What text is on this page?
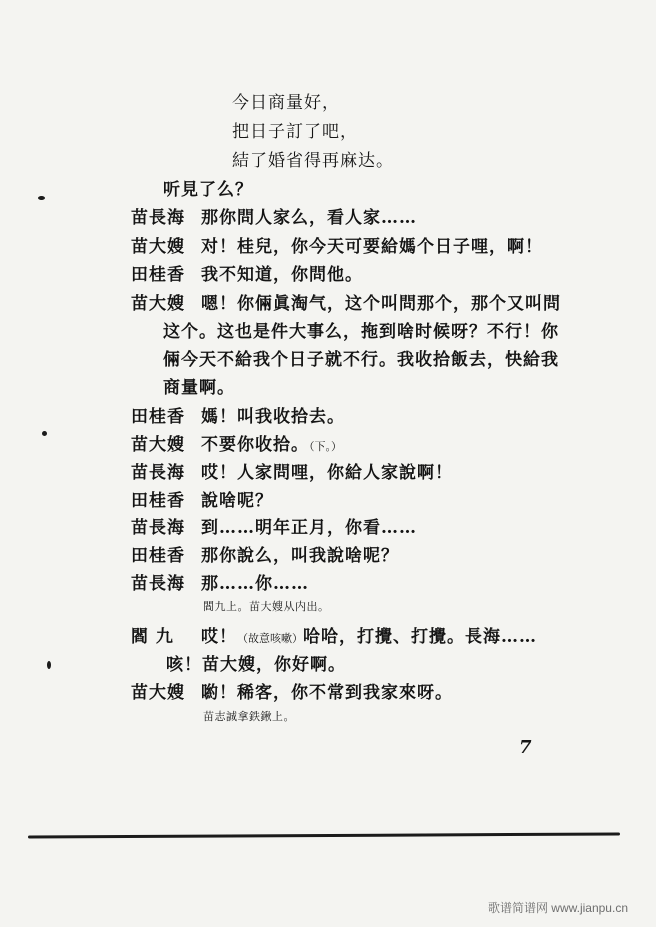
今日商量好，
把日子訂了吧，
結了婚省得再麻达。
听見了么？
苗長海 那你問人家么，看人家……
苗大嫂 对！桂兒，你今天可要給媽个日子哩，啊！
田桂香 我不知道，你問他。
苗大嫂 嗯！你倆眞淘气，这个叫問那个，那个又叫問
这个。这也是件大事么，拖到啥时候呀？不行！你
倆今天不給我个日子就不行。我收拾飯去，快給我
商量啊。
田桂香 媽！叫我收拾去。
苗大嫂 不要你收拾。（下。）
苗長海 哎！人家問哩，你給人家說啊！
田桂香 說啥呢？
苗長海 到……明年正月，你看……
田桂香 那你說么，叫我說啥呢？
苗長海 那……你……
閻九上。苗大嫂从内出。
閻 九 哎！（故意咳嗽）哈哈，打攪、打攪。長海……
咳！苗大嫂，你好啊。
苗大嫂 喲！稀客，你不常到我家來呀。
苗志誠拿鉄鍬上。
7
歌谱简谱网 www.jianpu.cn
